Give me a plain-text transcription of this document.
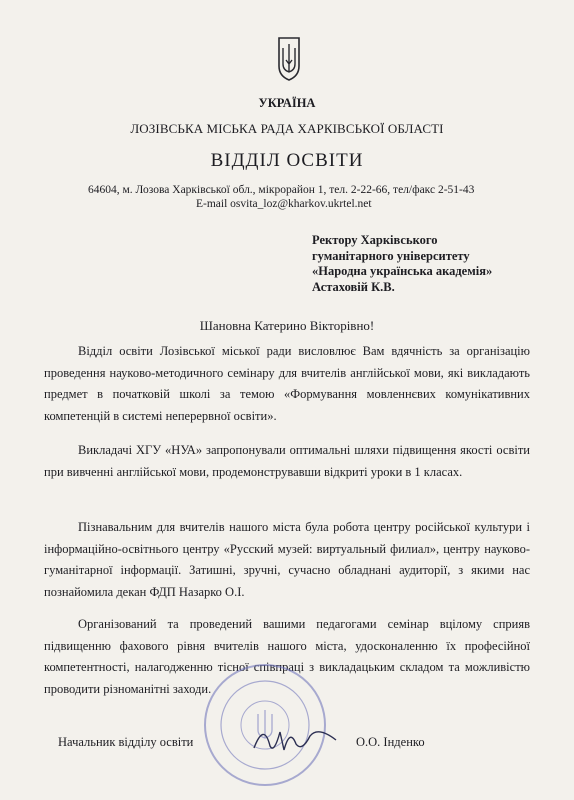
УКРАЇНА
ЛОЗІВСЬКА МІСЬКА РАДА ХАРКІВСЬКОЇ ОБЛАСТІ
ВІДДІЛ ОСВІТИ
64604, м. Лозова Харківської обл., мікрорайон 1, тел. 2-22-66, тел/факс 2-51-43
E-mail osvita_loz@kharkov.ukrtel.net
Ректору Харківського
гуманітарного університету
«Народна українська академія»
Астаховій К.В.
Шановна Катерино Вікторівно!
Відділ освіти Лозівської міської ради висловлює Вам вдячність за організацію проведення науково-методичного семінару для вчителів англійської мови, які викладають предмет в початковій школі за темою «Формування мовленнєвих комунікативних компетенцій в системі неперервної освіти».
Викладачі ХГУ «НУА» запропонували оптимальні шляхи підвищення якості освіти при вивченні англійської мови, продемонструвавши відкриті уроки в 1 класах.
Пізнавальним для вчителів нашого міста була робота центру російської культури і інформаційно-освітнього центру «Русский музей: виртуальный филиал», центру науково-гуманітарної інформації. Затишні, зручні, сучасно обладнані аудиторії, з якими нас познайомила декан ФДП Назарко О.І.
Організований та проведений вашими педагогами семінар вцілому сприяв підвищенню фахового рівня вчителів нашого міста, удосконаленню їх професійної компетентності, налагодженню тісної співпраці з викладацьким складом та можливістю проводити різноманітні заходи.
Начальник відділу освіти	О.О. Інденко
